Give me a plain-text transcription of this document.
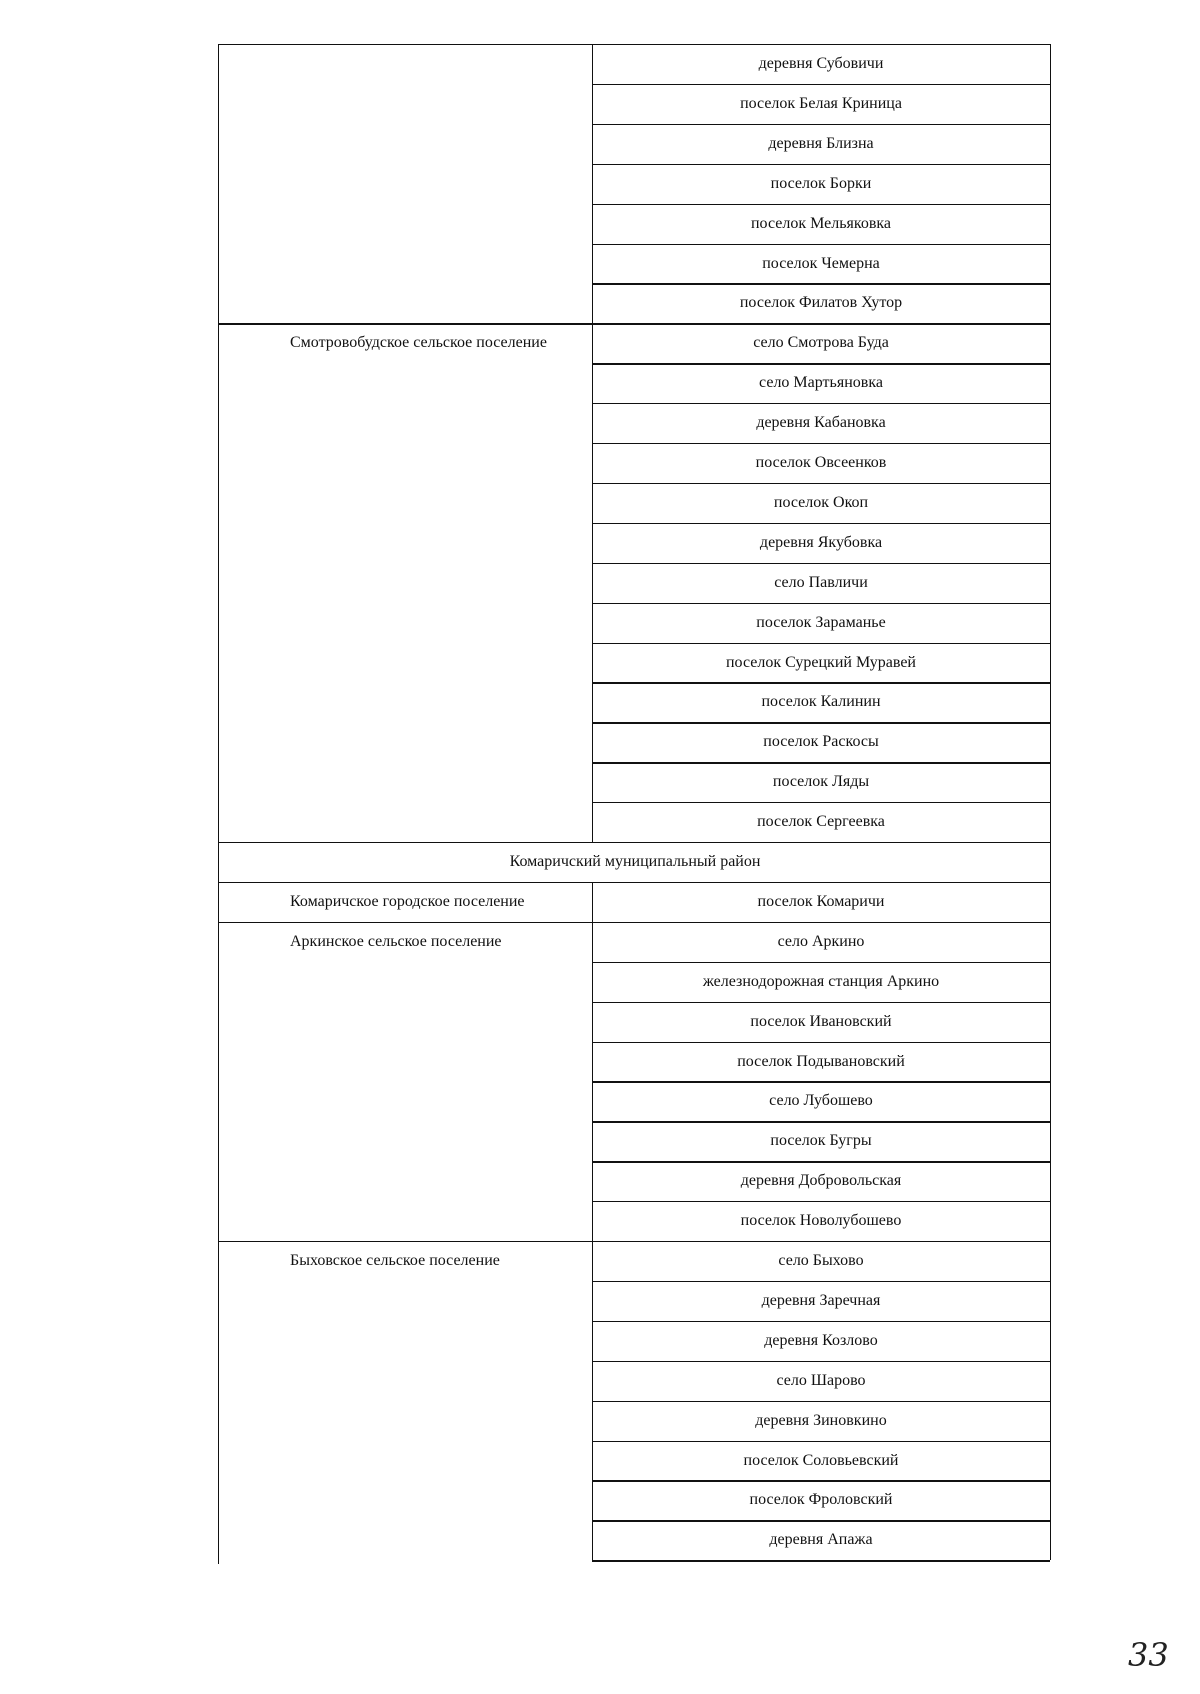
деревня Субовичи
поселок Белая Криница
деревня Близна
поселок Борки
поселок Мельяковка
поселок Чемерна
поселок Филатов Хутор
Смотровобудское сельское поселение	село Смотрова Буда
село Мартьяновка
деревня Кабановка
поселок Овсеенков
поселок Окоп
деревня Якубовка
село Павличи
поселок Зараманье
поселок Сурецкий Муравей
поселок Калинин
поселок Раскосы
поселок Ляды
поселок Сергеевка
Комаричский муниципальный район
Комаричское городское поселение	поселок Комаричи
Аркинское сельское поселение	село Аркино
железнодорожная станция Аркино
поселок Ивановский
поселок Подывановский
село Лубошево
поселок Бугры
деревня Добровольская
поселок Новолубошево
Быховское сельское поселение	село Быхово
деревня Заречная
деревня Козлово
село Шарово
деревня Зиновкино
поселок Соловьевский
поселок Фроловский
деревня Апажа
33
